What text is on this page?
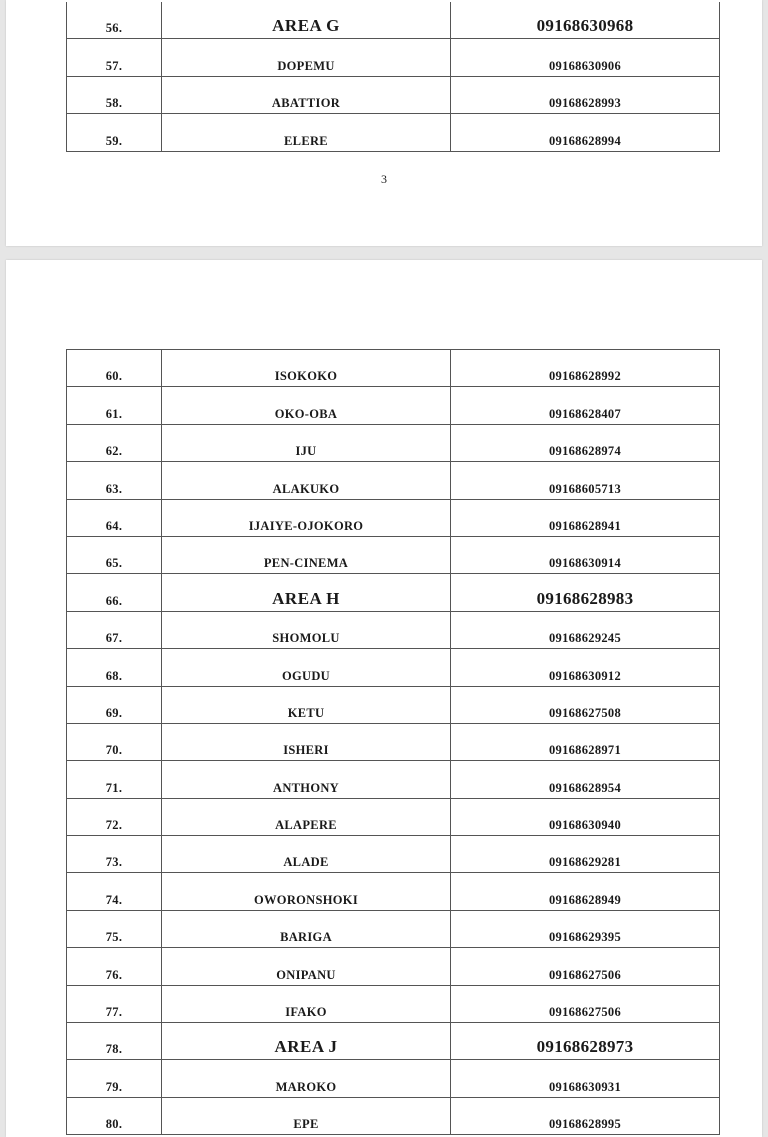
56.	AREA G	09168630968
57.	DOPEMU	09168630906
58.	ABATTIOR	09168628993
59.	ELERE	09168628994
3
60.	ISOKOKO	09168628992
61.	OKO-OBA	09168628407
62.	IJU	09168628974
63.	ALAKUKO	09168605713
64.	IJAIYE-OJOKORO	09168628941
65.	PEN-CINEMA	09168630914
66.	AREA H	09168628983
67.	SHOMOLU	09168629245
68.	OGUDU	09168630912
69.	KETU	09168627508
70.	ISHERI	09168628971
71.	ANTHONY	09168628954
72.	ALAPERE	09168630940
73.	ALADE	09168629281
74.	OWORONSHOKI	09168628949
75.	BARIGA	09168629395
76.	ONIPANU	09168627506
77.	IFAKO	09168627506
78.	AREA J	09168628973
79.	MAROKO	09168630931
80.	EPE	09168628995
